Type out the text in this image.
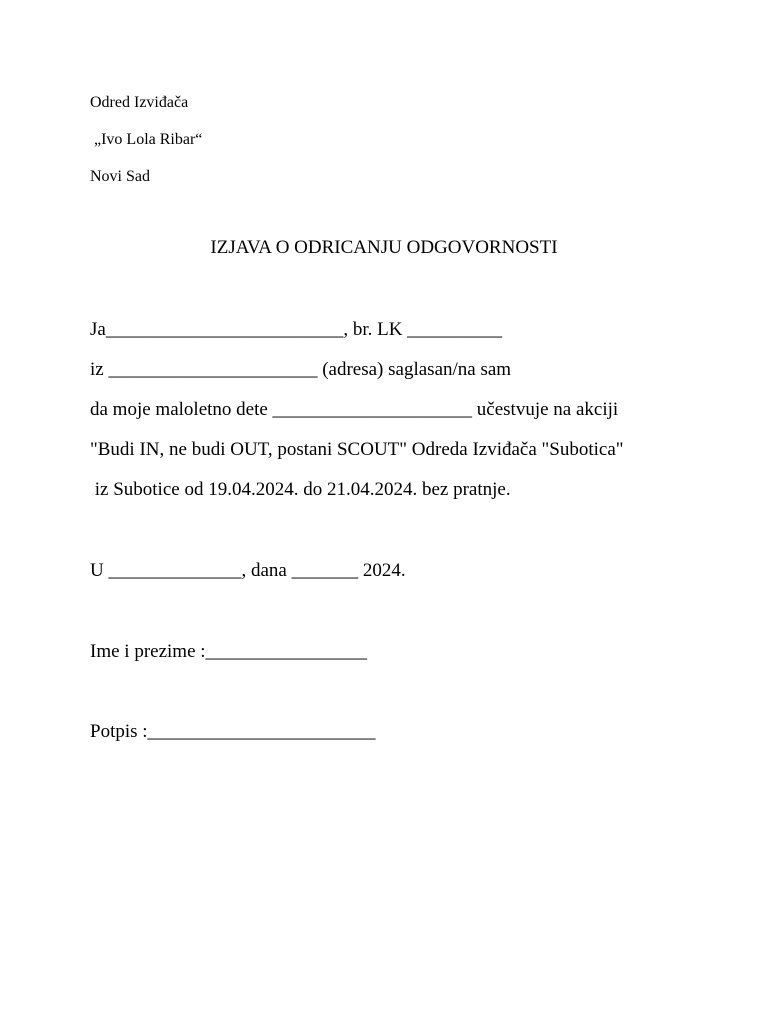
Odred Izviđača
„Ivo Lola Ribar“
Novi Sad
IZJAVA O ODRICANJU ODGOVORNOSTI
Ja_________________________, br. LK __________
iz ______________________ (adresa) saglasan/na sam
da moje maloletno dete _____________________ učestvuje na akciji
"Budi IN, ne budi OUT, postani SCOUT" Odreda Izviđača "Subotica"
iz Subotice od 19.04.2024. do 21.04.2024. bez pratnje.
U ______________, dana _______ 2024.
Ime i prezime :_________________
Potpis :________________________
